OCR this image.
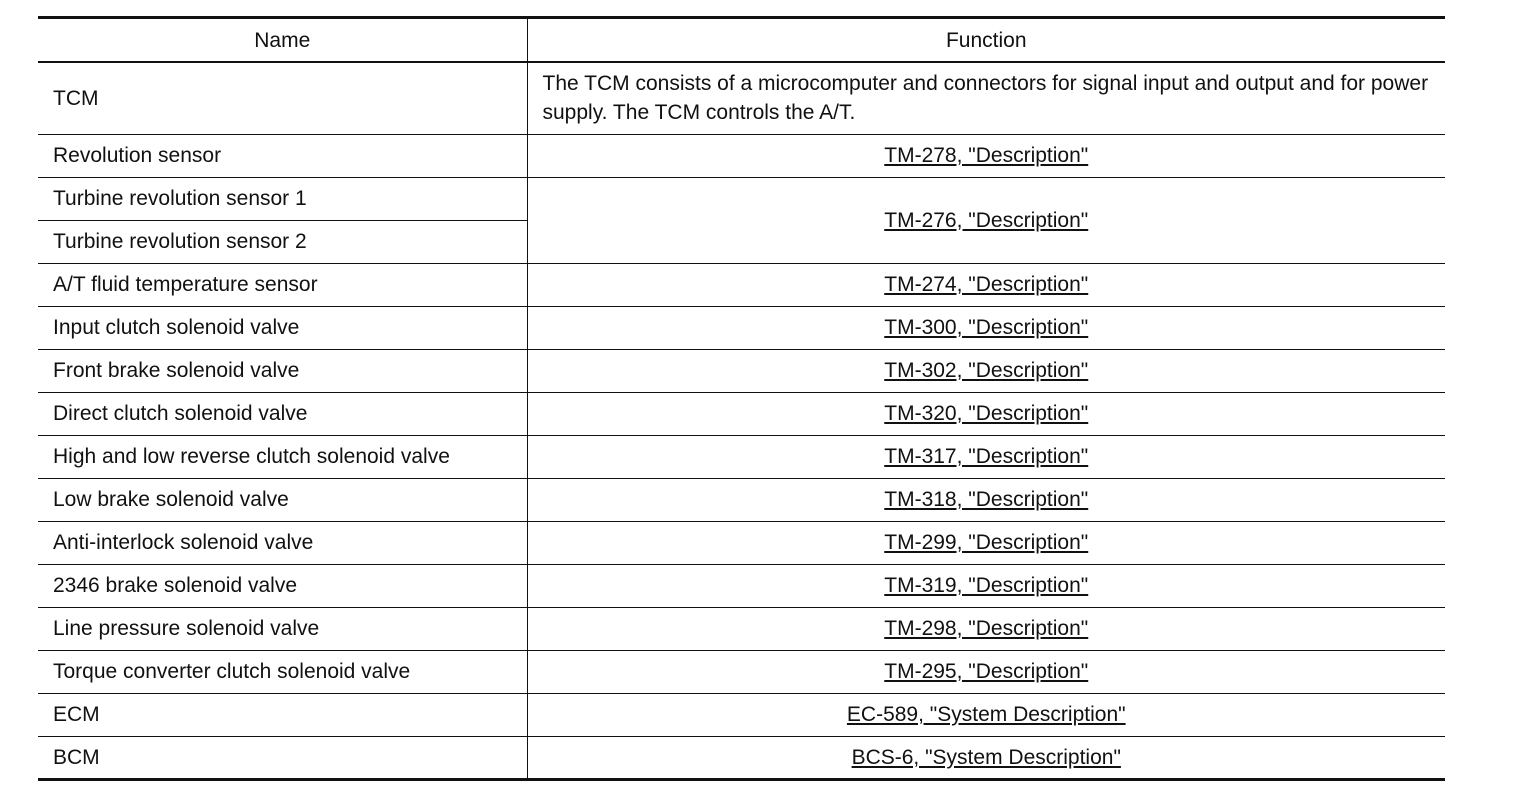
Name	Function
TCM	The TCM consists of a microcomputer and connectors for signal input and output and for power supply. The TCM controls the A/T.
Revolution sensor	TM-278, "Description"
Turbine revolution sensor 1	TM-276, "Description"
Turbine revolution sensor 2	
A/T fluid temperature sensor	TM-274, "Description"
Input clutch solenoid valve	TM-300, "Description"
Front brake solenoid valve	TM-302, "Description"
Direct clutch solenoid valve	TM-320, "Description"
High and low reverse clutch solenoid valve	TM-317, "Description"
Low brake solenoid valve	TM-318, "Description"
Anti-interlock solenoid valve	TM-299, "Description"
2346 brake solenoid valve	TM-319, "Description"
Line pressure solenoid valve	TM-298, "Description"
Torque converter clutch solenoid valve	TM-295, "Description"
ECM	EC-589, "System Description"
BCM	BCS-6, "System Description"
